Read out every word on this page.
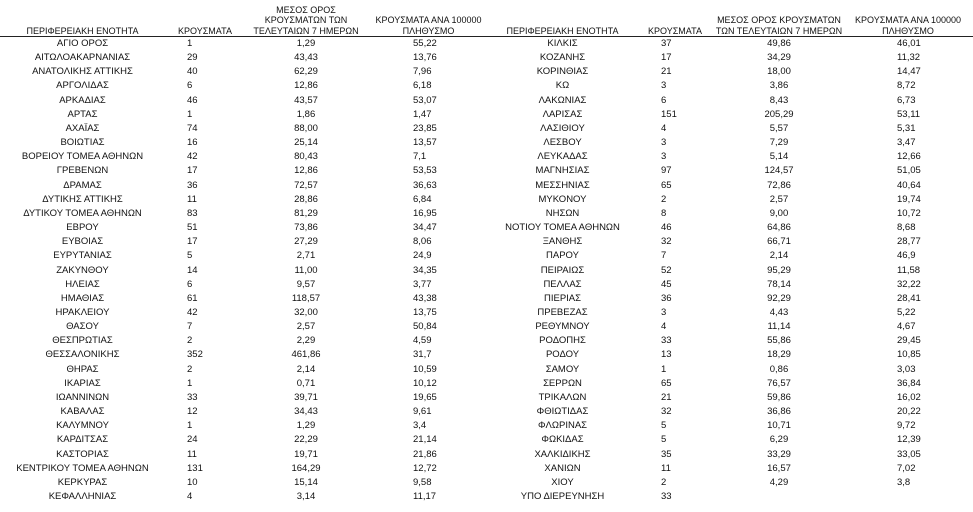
ΠΕΡΙΦΕΡΕΙΑΚΗ ΕΝΟΤΗΤΑ	ΚΡΟΥΣΜΑΤΑ	ΜΕΣΟΣ ΟΡΟΣ ΚΡΟΥΣΜΑΤΩΝ ΤΩΝ ΤΕΛΕΥΤΑΙΩΝ 7 ΗΜΕΡΩΝ	ΚΡΟΥΣΜΑΤΑ ΑΝΑ 100000 ΠΛΗΘΥΣΜΟ
ΑΓΙΟ ΟΡΟΣ	1	1,29	55,22
ΑΙΤΩΛΟΑΚΑΡΝΑΝΙΑΣ	29	43,43	13,76
ΑΝΑΤΟΛΙΚΗΣ ΑΤΤΙΚΗΣ	40	62,29	7,96
ΑΡΓΟΛΙΔΑΣ	6	12,86	6,18
ΑΡΚΑΔΙΑΣ	46	43,57	53,07
ΑΡΤΑΣ	1	1,86	1,47
ΑΧΑΪΑΣ	74	88,00	23,85
ΒΟΙΩΤΙΑΣ	16	25,14	13,57
ΒΟΡΕΙΟΥ ΤΟΜΕΑ ΑΘΗΝΩΝ	42	80,43	7,1
ΓΡΕΒΕΝΩΝ	17	12,86	53,53
ΔΡΑΜΑΣ	36	72,57	36,63
ΔΥΤΙΚΗΣ ΑΤΤΙΚΗΣ	11	28,86	6,84
ΔΥΤΙΚΟΥ ΤΟΜΕΑ ΑΘΗΝΩΝ	83	81,29	16,95
ΕΒΡΟΥ	51	73,86	34,47
ΕΥΒΟΙΑΣ	17	27,29	8,06
ΕΥΡΥΤΑΝΙΑΣ	5	2,71	24,9
ΖΑΚΥΝΘΟΥ	14	11,00	34,35
ΗΛΕΙΑΣ	6	9,57	3,77
ΗΜΑΘΙΑΣ	61	118,57	43,38
ΗΡΑΚΛΕΙΟΥ	42	32,00	13,75
ΘΑΣΟΥ	7	2,57	50,84
ΘΕΣΠΡΩΤΙΑΣ	2	2,29	4,59
ΘΕΣΣΑΛΟΝΙΚΗΣ	352	461,86	31,7
ΘΗΡΑΣ	2	2,14	10,59
ΙΚΑΡΙΑΣ	1	0,71	10,12
ΙΩΑΝΝΙΝΩΝ	33	39,71	19,65
ΚΑΒΑΛΑΣ	12	34,43	9,61
ΚΑΛΥΜΝΟΥ	1	1,29	3,4
ΚΑΡΔΙΤΣΑΣ	24	22,29	21,14
ΚΑΣΤΟΡΙΑΣ	11	19,71	21,86
ΚΕΝΤΡΙΚΟΥ ΤΟΜΕΑ ΑΘΗΝΩΝ	131	164,29	12,72
ΚΕΡΚΥΡΑΣ	10	15,14	9,58
ΚΕΦΑΛΛΗΝΙΑΣ	4	3,14	11,17
ΠΕΡΙΦΕΡΕΙΑΚΗ ΕΝΟΤΗΤΑ	ΚΡΟΥΣΜΑΤΑ	ΜΕΣΟΣ ΟΡΟΣ ΚΡΟΥΣΜΑΤΩΝ ΤΩΝ ΤΕΛΕΥΤΑΙΩΝ 7 ΗΜΕΡΩΝ	ΚΡΟΥΣΜΑΤΑ ΑΝΑ 100000 ΠΛΗΘΥΣΜΟ
ΚΙΛΚΙΣ	37	49,86	46,01
ΚΟΖΑΝΗΣ	17	34,29	11,32
ΚΟΡΙΝΘΙΑΣ	21	18,00	14,47
ΚΩ	3	3,86	8,72
ΛΑΚΩΝΙΑΣ	6	8,43	6,73
ΛΑΡΙΣΑΣ	151	205,29	53,11
ΛΑΣΙΘΙΟΥ	4	5,57	5,31
ΛΕΣΒΟΥ	3	7,29	3,47
ΛΕΥΚΑΔΑΣ	3	5,14	12,66
ΜΑΓΝΗΣΙΑΣ	97	124,57	51,05
ΜΕΣΣΗΝΙΑΣ	65	72,86	40,64
ΜΥΚΟΝΟΥ	2	2,57	19,74
ΝΗΣΩΝ	8	9,00	10,72
ΝΟΤΙΟΥ ΤΟΜΕΑ ΑΘΗΝΩΝ	46	64,86	8,68
ΞΑΝΘΗΣ	32	66,71	28,77
ΠΑΡΟΥ	7	2,14	46,9
ΠΕΙΡΑΙΩΣ	52	95,29	11,58
ΠΕΛΛΑΣ	45	78,14	32,22
ΠΙΕΡΙΑΣ	36	92,29	28,41
ΠΡΕΒΕΖΑΣ	3	4,43	5,22
ΡΕΘΥΜΝΟΥ	4	11,14	4,67
ΡΟΔΟΠΗΣ	33	55,86	29,45
ΡΟΔΟΥ	13	18,29	10,85
ΣΑΜΟΥ	1	0,86	3,03
ΣΕΡΡΩΝ	65	76,57	36,84
ΤΡΙΚΑΛΩΝ	21	59,86	16,02
ΦΘΙΩΤΙΔΑΣ	32	36,86	20,22
ΦΛΩΡΙΝΑΣ	5	10,71	9,72
ΦΩΚΙΔΑΣ	5	6,29	12,39
ΧΑΛΚΙΔΙΚΗΣ	35	33,29	33,05
ΧΑΝΙΩΝ	11	16,57	7,02
ΧΙΟΥ	2	4,29	3,8
ΥΠΟ ΔΙΕΡΕΥΝΗΣΗ	33		
